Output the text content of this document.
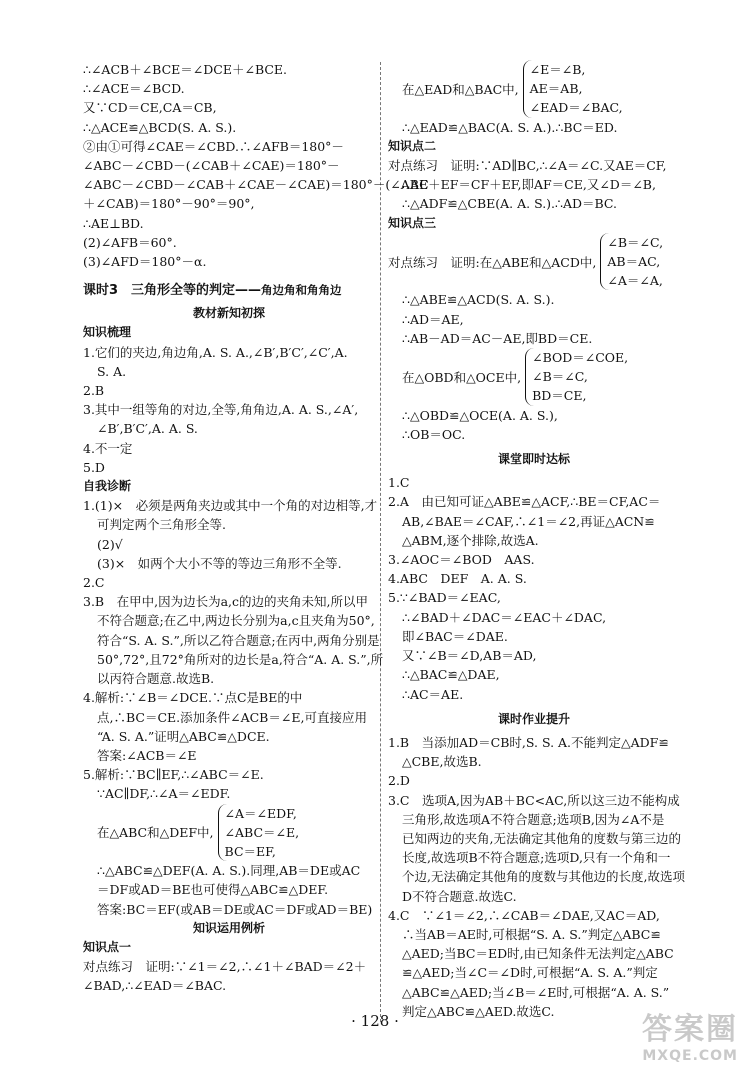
∴∠ACB＋∠BCE＝∠DCE＋∠BCE.
∴∠ACE＝∠BCD.
又∵CD＝CE,CA＝CB,
∴△ACE≌△BCD(S. A. S.).
②由①可得∠CAE＝∠CBD.∴∠AFB＝180°－
∠ABC－∠CBD－(∠CAB＋∠CAE)＝180°－
∠ABC－∠CBD－∠CAB＋∠CAE－∠CAE)＝180°－(∠ABC
＋∠CAB)＝180°－90°＝90°,
∴AE⊥BD.
(2)∠AFB＝60°.
(3)∠AFD＝180°－α.
课时3　三角形全等的判定——角边角和角角边
教材新知初探
知识梳理
1.它们的夹边,角边角,A. S. A.,∠B′,B′C′,∠C′,A.
S. A.
2.B
3.其中一组等角的对边,全等,角角边,A. A. S.,∠A′,
∠B′,B′C′,A. A. S.
4.不一定
5.D
自我诊断
1.(1)×　必须是两角夹边或其中一个角的对边相等,才
可判定两个三角形全等.
(2)√
(3)×　如两个大小不等的等边三角形不全等.
2.C
3.B　在甲中,因为边长为a,c的边的夹角未知,所以甲
不符合题意;在乙中,两边长分别为a,c且夹角为50°,
符合“S. A. S.”,所以乙符合题意;在丙中,两角分别是
50°,72°,且72°角所对的边长是a,符合“A. A. S.”,所
以丙符合题意.故选B.
4.解析:∵∠B＝∠DCE.∵点C是BE的中
点,∴BC＝CE.添加条件∠ACB＝∠E,可直接应用
“A. S. A.”证明△ABC≌△DCE.
答案:∠ACB＝∠E
5.解析:∵BC∥EF,∴∠ABC＝∠E.
∵AC∥DF,∴∠A＝∠EDF.
在△ABC和△DEF中,
∠A＝∠EDF,
∠ABC＝∠E,
BC＝EF,
∴△ABC≌△DEF(A. A. S.).同理,AB＝DE或AC
＝DF或AD＝BE也可使得△ABC≌△DEF.
答案:BC＝EF(或AB＝DE或AC＝DF或AD＝BE)
知识运用例析
知识点一
对点练习　证明:∵∠1＝∠2,∴∠1＋∠BAD＝∠2＋
∠BAD,∴∠EAD＝∠BAC.
在△EAD和△BAC中,
∠E＝∠B,
AE＝AB,
∠EAD＝∠BAC,
∴△EAD≌△BAC(A. S. A.).∴BC＝ED.
知识点二
对点练习　证明:∵AD∥BC,∴∠A＝∠C.又AE＝CF,
∴AE＋EF＝CF＋EF,即AF＝CE,又∠D＝∠B,
∴△ADF≌△CBE(A. A. S.).∴AD＝BC.
知识点三
对点练习　证明:在△ABE和△ACD中,
∠B＝∠C,
AB＝AC,
∠A＝∠A,
∴△ABE≌△ACD(S. A. S.).
∴AD＝AE,
∴AB－AD＝AC－AE,即BD＝CE.
在△OBD和△OCE中,
∠BOD＝∠COE,
∠B＝∠C,
BD＝CE,
∴△OBD≌△OCE(A. A. S.),
∴OB＝OC.
课堂即时达标
1.C
2.A　由已知可证△ABE≌△ACF,∴BE＝CF,AC＝
AB,∠BAE＝∠CAF,∴∠1＝∠2,再证△ACN≌
△ABM,逐个排除,故选A.
3.∠AOC＝∠BOD　AAS.
4.ABC　DEF　A. A. S.
5.∵∠BAD＝∠EAC,
∴∠BAD＋∠DAC＝∠EAC＋∠DAC,
即∠BAC＝∠DAE.
又∵∠B＝∠D,AB＝AD,
∴△BAC≌△DAE,
∴AC＝AE.
课时作业提升
1.B　当添加AD＝CB时,S. S. A.不能判定△ADF≌
△CBE,故选B.
2.D
3.C　选项A,因为AB＋BC<AC,所以这三边不能构成
三角形,故选项A不符合题意;选项B,因为∠A不是
已知两边的夹角,无法确定其他角的度数与第三边的
长度,故选项B不符合题意;选项D,只有一个角和一
个边,无法确定其他角的度数与其他边的长度,故选项
D不符合题意.故选C.
4.C　∵∠1＝∠2,∴∠CAB＝∠DAE,又AC＝AD,
∴当AB＝AE时,可根据“S. A. S.”判定△ABC≌
△AED;当BC＝ED时,由已知条件无法判定△ABC
≌△AED;当∠C＝∠D时,可根据“A. S. A.”判定
△ABC≌△AED;当∠B＝∠E时,可根据“A. A. S.”
判定△ABC≌△AED.故选C.
· 128 ·	答案圈
MXQE.COM
